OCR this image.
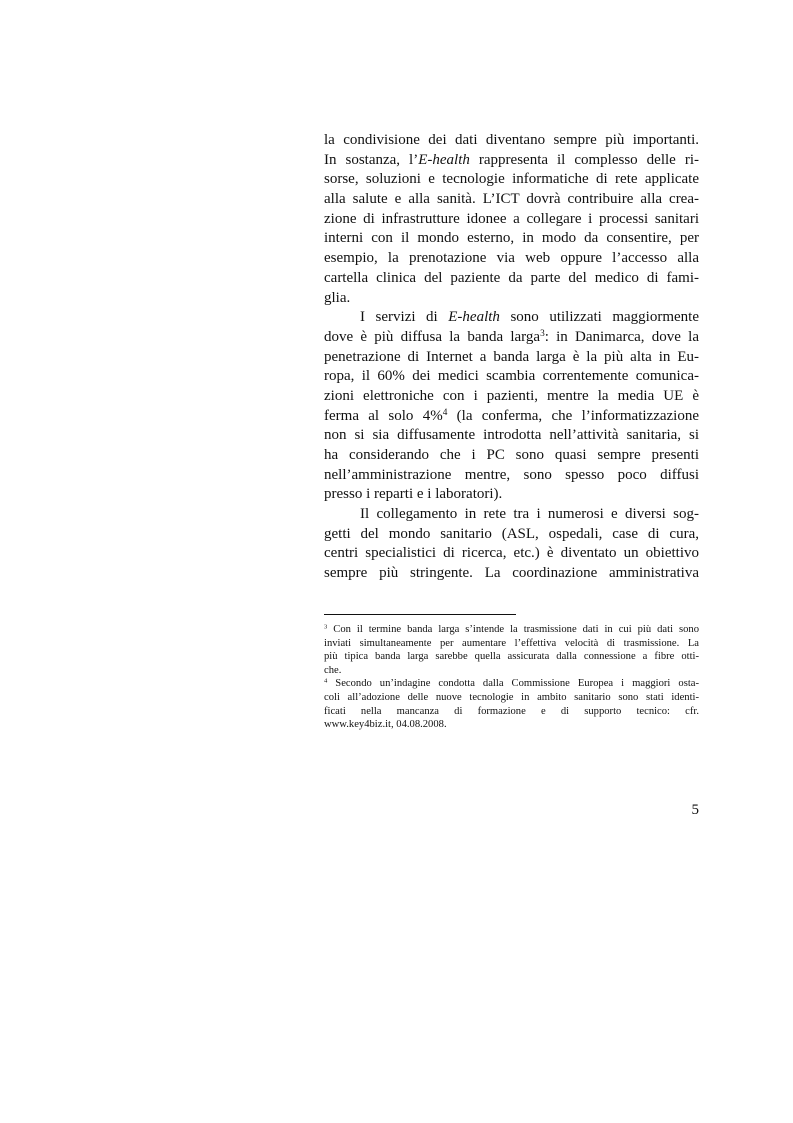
la condivisione dei dati diventano sempre più importanti.
In sostanza, l’E-health rappresenta il complesso delle ri-
sorse, soluzioni e tecnologie informatiche di rete applicate
alla salute e alla sanità. L’ICT dovrà contribuire alla crea-
zione di infrastrutture idonee a collegare i processi sanitari
interni con il mondo esterno, in modo da consentire, per
esempio, la prenotazione via web oppure l’accesso alla
cartella clinica del paziente da parte del medico di fami-
glia.
I servizi di E-health sono utilizzati maggiormente
dove è più diffusa la banda larga$^3$: in Danimarca, dove la
penetrazione di Internet a banda larga è la più alta in Eu-
ropa, il 60% dei medici scambia correntemente comunica-
zioni elettroniche con i pazienti, mentre la media UE è
ferma al solo 4%$^4$ (la conferma, che l’informatizzazione
non si sia diffusamente introdotta nell’attività sanitaria, si
ha considerando che i PC sono quasi sempre presenti
nell’amministrazione mentre, sono spesso poco diffusi
presso i reparti e i laboratori).
Il collegamento in rete tra i numerosi e diversi sog-
getti del mondo sanitario (ASL, ospedali, case di cura,
centri specialistici di ricerca, etc.) è diventato un obiettivo
sempre più stringente. La coordinazione amministrativa
$^3$ Con il termine banda larga s’intende la trasmissione dati in cui più dati sono
inviati simultaneamente per aumentare l’effettiva velocità di trasmissione. La
più tipica banda larga sarebbe quella assicurata dalla connessione a fibre otti-
che.
$^4$ Secondo un’indagine condotta dalla Commissione Europea i maggiori osta-
coli all’adozione delle nuove tecnologie in ambito sanitario sono stati identi-
ficati nella mancanza di formazione e di supporto tecnico: cfr.
www.key4biz.it, 04.08.2008.
5
